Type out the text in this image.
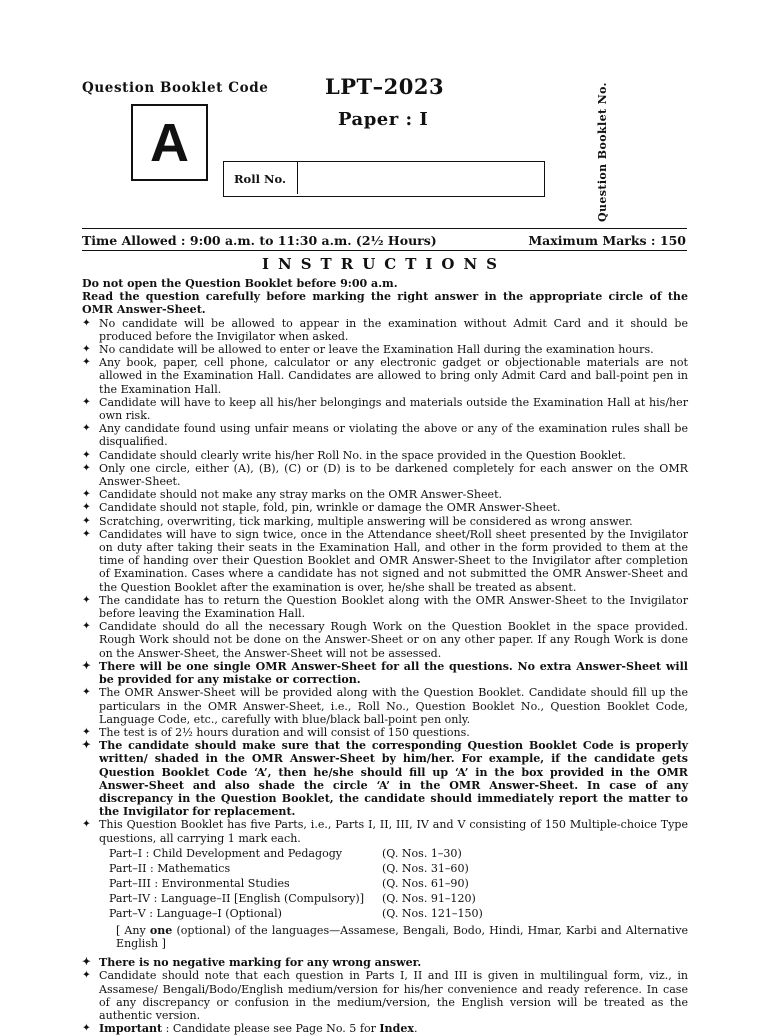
Question Booklet Code
A
LPT–2023
Paper : I
Roll No.	Question Booklet No.
Time Allowed : 9:00 a.m. to 11:30 a.m. (2½ Hours)	Maximum Marks : 150
INSTRUCTIONS

Do not open the Question Booklet before 9:00 a.m.

Read the question carefully before marking the right answer in the appropriate circle of the OMR Answer-Sheet.

✦ No candidate will be allowed to appear in the examination without Admit Card and it should be produced before the Invigilator when asked.
✦ No candidate will be allowed to enter or leave the Examination Hall during the examination hours.
✦ Any book, paper, cell phone, calculator or any electronic gadget or objectionable materials are not allowed in the Examination Hall. Candidates are allowed to bring only Admit Card and ball-point pen in the Examination Hall.
✦ Candidate will have to keep all his/her belongings and materials outside the Examination Hall at his/her own risk.
✦ Any candidate found using unfair means or violating the above or any of the examination rules shall be disqualified.
✦ Candidate should clearly write his/her Roll No. in the space provided in the Question Booklet.
✦ Only one circle, either (A), (B), (C) or (D) is to be darkened completely for each answer on the OMR Answer-Sheet.
✦ Candidate should not make any stray marks on the OMR Answer-Sheet.
✦ Candidate should not staple, fold, pin, wrinkle or damage the OMR Answer-Sheet.
✦ Scratching, overwriting, tick marking, multiple answering will be considered as wrong answer.
✦ Candidates will have to sign twice, once in the Attendance sheet/Roll sheet presented by the Invigilator on duty after taking their seats in the Examination Hall, and other in the form provided to them at the time of handing over their Question Booklet and OMR Answer-Sheet to the Invigilator after completion of Examination. Cases where a candidate has not signed and not submitted the OMR Answer-Sheet and the Question Booklet after the examination is over, he/she shall be treated as absent.
✦ The candidate has to return the Question Booklet along with the OMR Answer-Sheet to the Invigilator before leaving the Examination Hall.
✦ Candidate should do all the necessary Rough Work on the Question Booklet in the space provided. Rough Work should not be done on the Answer-Sheet or on any other paper. If any Rough Work is done on the Answer-Sheet, the Answer-Sheet will not be assessed.
✦ There will be one single OMR Answer-Sheet for all the questions. No extra Answer-Sheet will be provided for any mistake or correction.
✦ The OMR Answer-Sheet will be provided along with the Question Booklet. Candidate should fill up the particulars in the OMR Answer-Sheet, i.e., Roll No., Question Booklet No., Question Booklet Code, Language Code, etc., carefully with blue/black ball-point pen only.
✦ The test is of 2½ hours duration and will consist of 150 questions.
✦ The candidate should make sure that the corresponding Question Booklet Code is properly written/ shaded in the OMR Answer-Sheet by him/her. For example, if the candidate gets Question Booklet Code ‘A’, then he/she should fill up ‘A’ in the box provided in the OMR Answer-Sheet and also shade the circle ‘A’ in the OMR Answer-Sheet. In case of any discrepancy in the Question Booklet, the candidate should immediately report the matter to the Invigilator for replacement.
✦ This Question Booklet has five Parts, i.e., Parts I, II, III, IV and V consisting of 150 Multiple-choice Type questions, all carrying 1 mark each.
Part–I : Child Development and Pedagogy	(Q. Nos. 1–30)
Part–II : Mathematics	(Q. Nos. 31–60)
Part–III : Environmental Studies	(Q. Nos. 61–90)
Part–IV : Language–II [English (Compulsory)] (Q. Nos. 91–120)
Part–V : Language–I (Optional)	(Q. Nos. 121–150)
[ Any one (optional) of the languages—Assamese, Bengali, Bodo, Hindi, Hmar, Karbi and Alternative English ]
✦ There is no negative marking for any wrong answer.
✦ Candidate should note that each question in Parts I, II and III is given in multilingual form, viz., in Assamese/ Bengali/Bodo/English medium/version for his/her convenience and ready reference. In case of any discrepancy or confusion in the medium/version, the English version will be treated as the authentic version.
✦ Important : Candidate please see Page No. 5 for Index.
